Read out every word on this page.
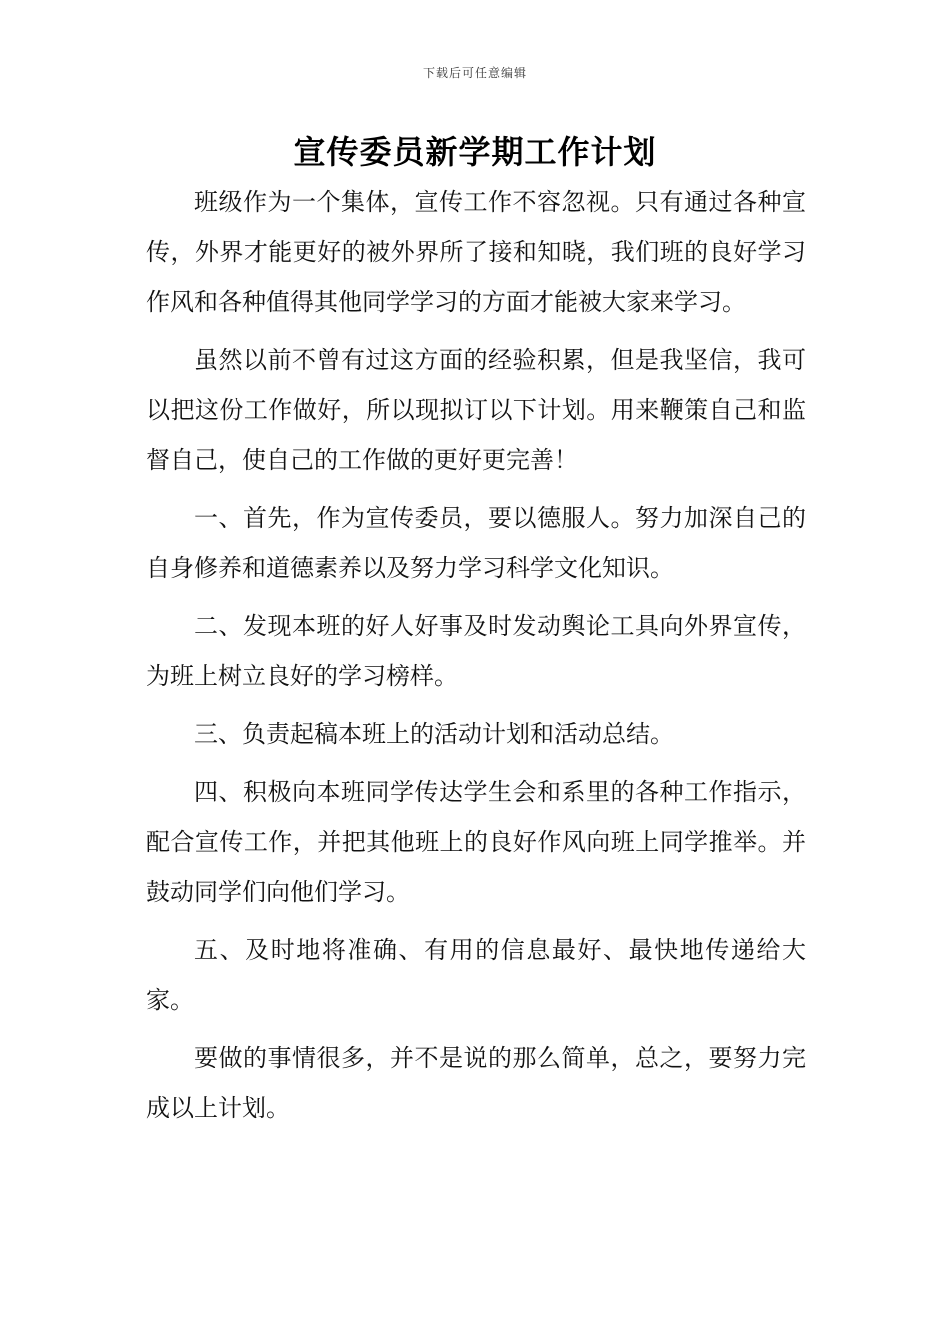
下载后可任意编辑
宣传委员新学期工作计划

班级作为一个集体，宣传工作不容忽视。只有通过各种宣传，外界才能更好的被外界所了接和知晓，我们班的良好学习作风和各种值得其他同学学习的方面才能被大家来学习。

虽然以前不曾有过这方面的经验积累，但是我坚信，我可以把这份工作做好，所以现拟订以下计划。用来鞭策自己和监督自己，使自己的工作做的更好更完善！

一、首先，作为宣传委员，要以德服人。努力加深自己的自身修养和道德素养以及努力学习科学文化知识。

二、发现本班的好人好事及时发动舆论工具向外界宣传，为班上树立良好的学习榜样。

三、负责起稿本班上的活动计划和活动总结。

四、积极向本班同学传达学生会和系里的各种工作指示，配合宣传工作，并把其他班上的良好作风向班上同学推举。并鼓动同学们向他们学习。

五、及时地将准确、有用的信息最好、最快地传递给大家。

要做的事情很多，并不是说的那么简单，总之，要努力完成以上计划。
